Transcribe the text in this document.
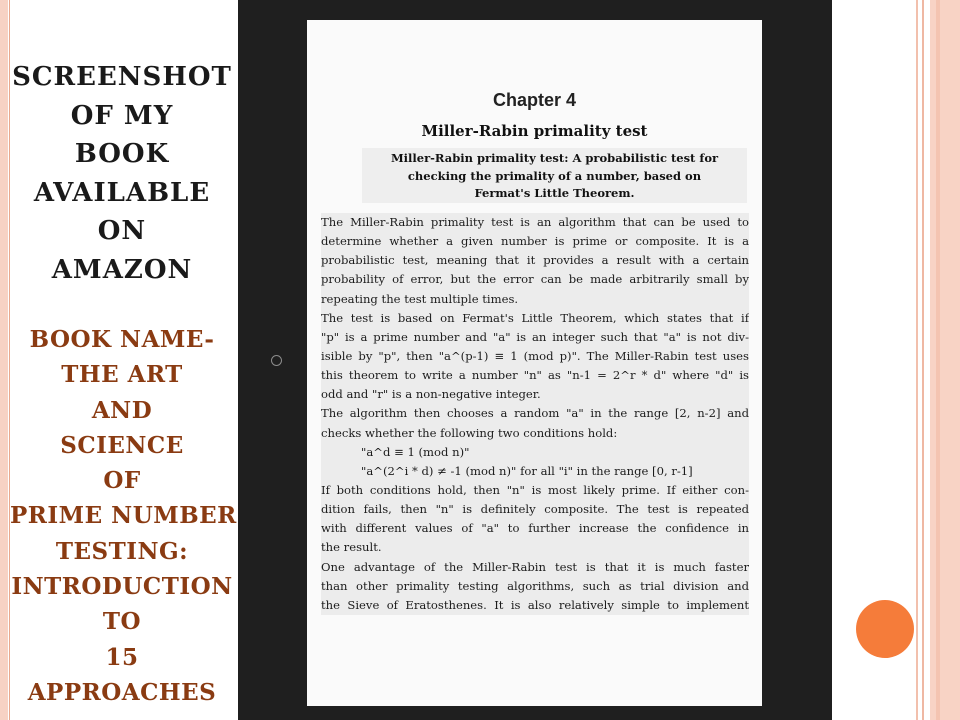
SCREENSHOT
OF MY
BOOK
AVAILABLE
ON
AMAZON
BOOK NAME-
THE ART
AND
SCIENCE
OF
PRIME NUMBER
TESTING:
INTRODUCTION
TO
15
APPROACHES
Chapter 4
Miller-Rabin primality test
Miller-Rabin primality test: A probabilistic test for
checking the primality of a number, based on
Fermat's Little Theorem.
The Miller-Rabin primality test is an algorithm that can be used to
determine whether a given number is prime or composite. It is a
probabilistic test, meaning that it provides a result with a certain
probability of error, but the error can be made arbitrarily small by
repeating the test multiple times.
The test is based on Fermat's Little Theorem, which states that if
"p" is a prime number and "a" is an integer such that "a" is not div-
isible by "p", then "a^(p-1) ≡ 1 (mod p)". The Miller-Rabin test uses
this theorem to write a number "n" as "n-1 = 2^r * d" where "d" is
odd and "r" is a non-negative integer.
The algorithm then chooses a random "a" in the range [2, n-2] and
checks whether the following two conditions hold:
"a^d ≡ 1 (mod n)"
"a^(2^i * d) ≠ -1 (mod n)" for all "i" in the range [0, r-1]
If both conditions hold, then "n" is most likely prime. If either con-
dition fails, then "n" is definitely composite. The test is repeated
with different values of "a" to further increase the confidence in
the result.
One advantage of the Miller-Rabin test is that it is much faster
than other primality testing algorithms, such as trial division and
the Sieve of Eratosthenes. It is also relatively simple to implement
